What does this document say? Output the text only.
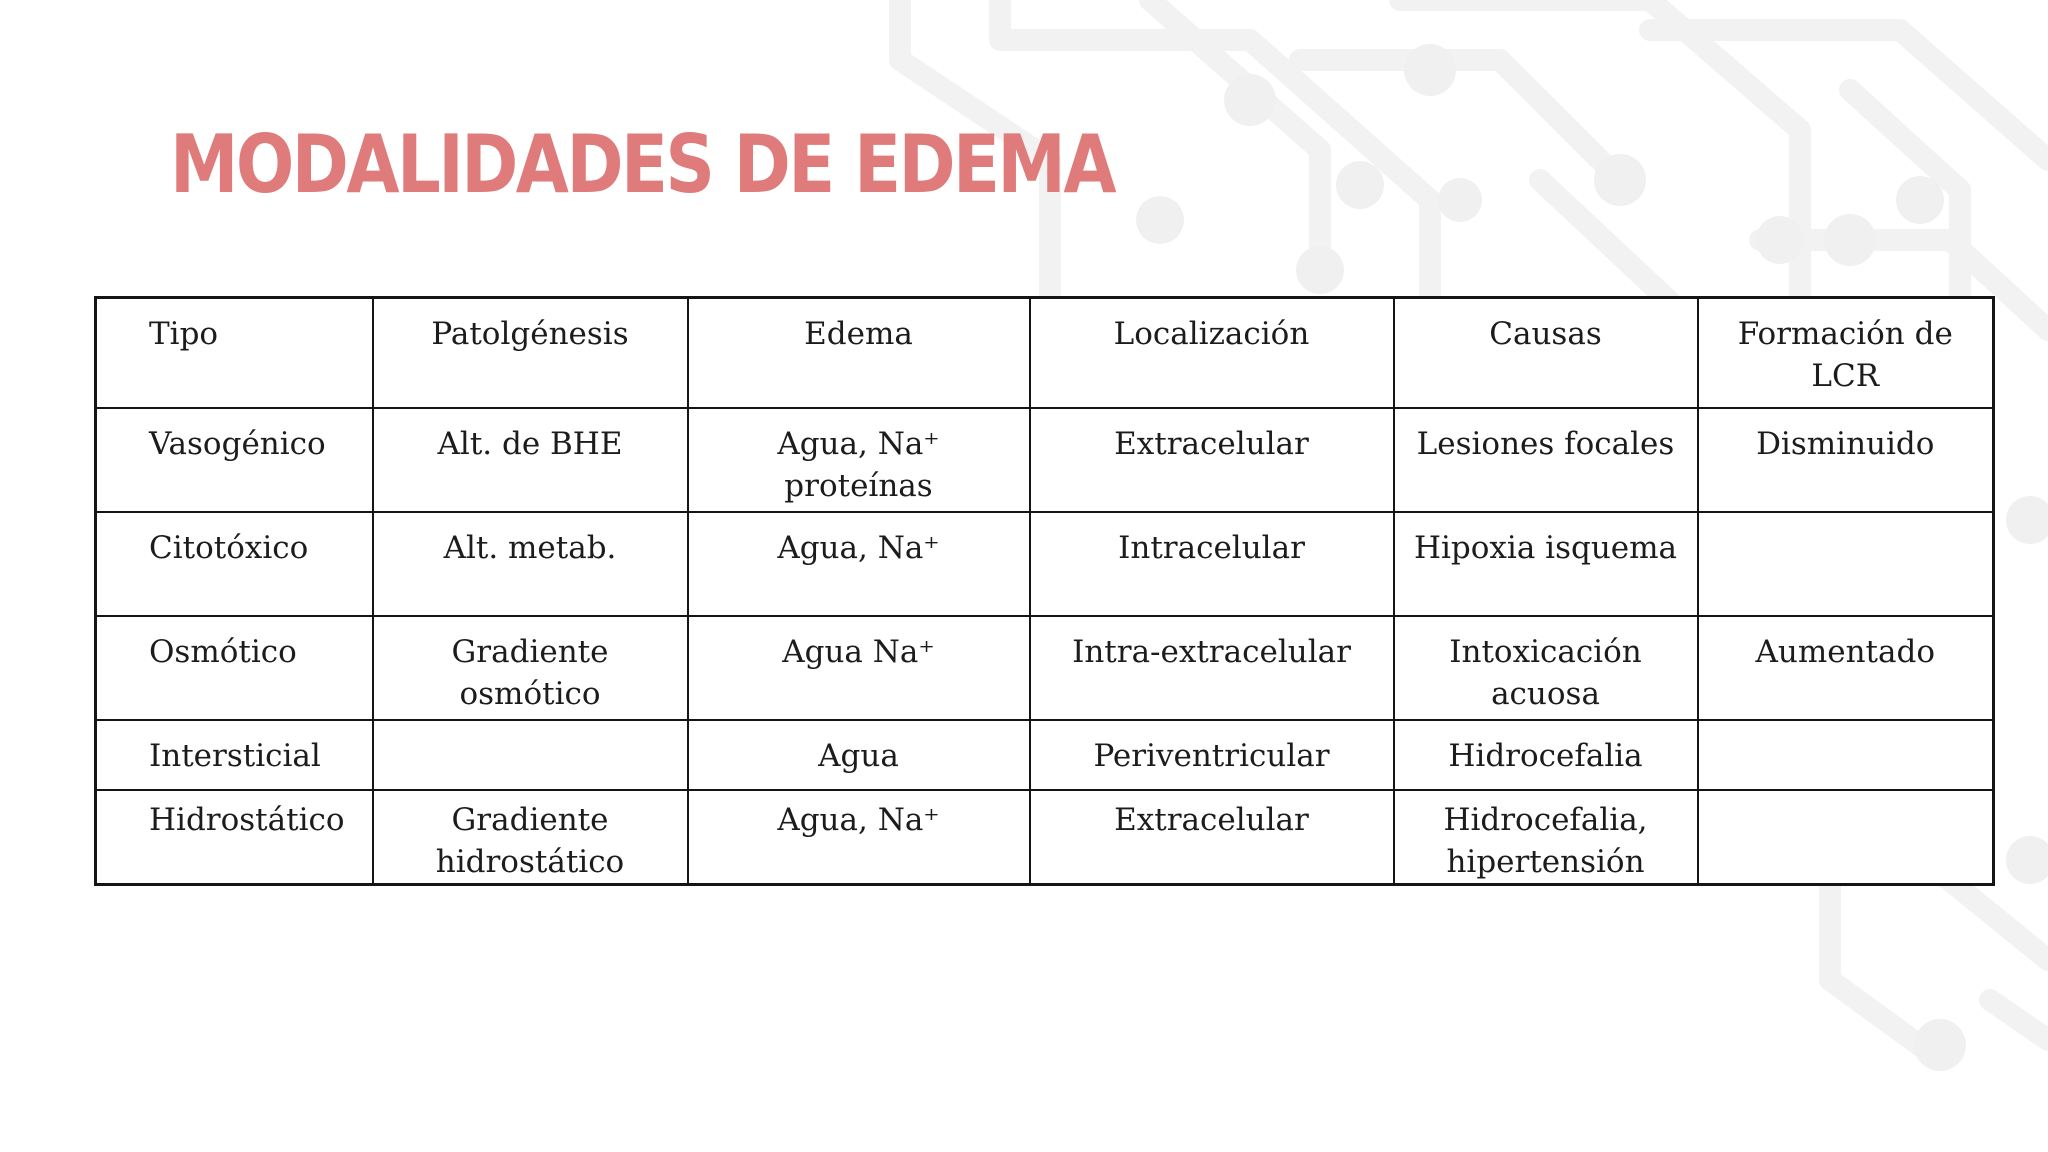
MODALIDADES DE EDEMA
Tipo	Patolgénesis	Edema	Localización	Causas	Formación de LCR
Vasogénico	Alt. de BHE	Agua, Na⁺ proteínas	Extracelular	Lesiones focales	Disminuido
Citotóxico	Alt. metab.	Agua, Na⁺	Intracelular	Hipoxia isquema	
Osmótico	Gradiente osmótico	Agua Na⁺	Intra-extracelular	Intoxicación acuosa	Aumentado
Intersticial		Agua	Periventricular	Hidrocefalia	
Hidrostático	Gradiente hidrostático	Agua, Na⁺	Extracelular	Hidrocefalia, hipertensión	
